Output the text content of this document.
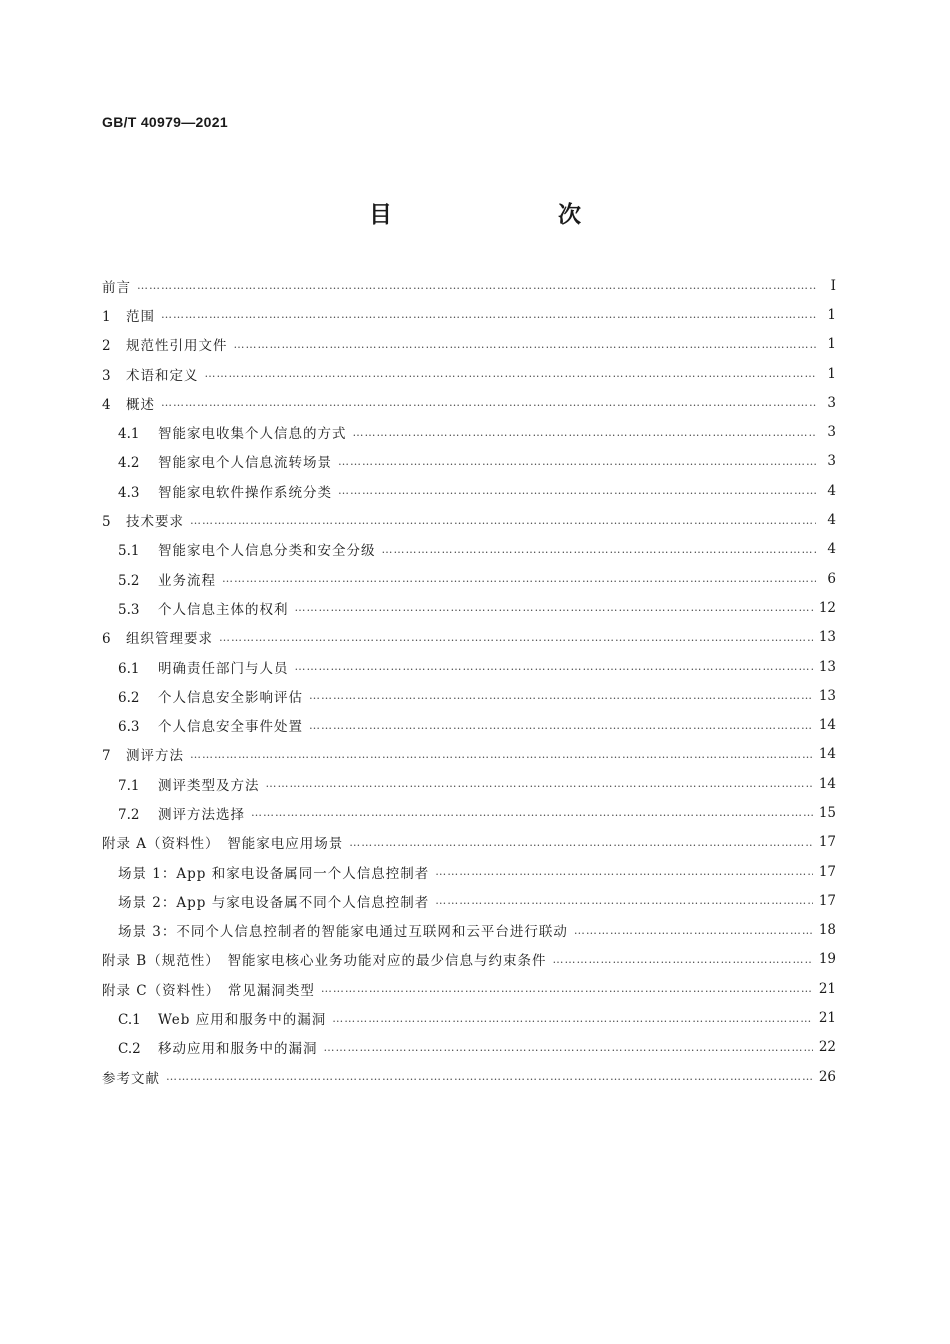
GB/T 40979—2021
目　　次
前言 ……………………………………………………………………………………………………………………………………………………………………………………………………………………………………………………………………………………………	Ⅰ
1 范围 ……………………………………………………………………………………………………………………………………………………………………………………………………………………………………………………………………………………………	1
2 规范性引用文件 ……………………………………………………………………………………………………………………………………………………………………………………………………………………………………………………………………………………………	1
3 术语和定义 ……………………………………………………………………………………………………………………………………………………………………………………………………………………………………………………………………………………………	1
4 概述 ……………………………………………………………………………………………………………………………………………………………………………………………………………………………………………………………………………………………	3
4.1 智能家电收集个人信息的方式 ……………………………………………………………………………………………………………………………………………………………………………………………………………………………………………………………………………………………	3
4.2 智能家电个人信息流转场景 ……………………………………………………………………………………………………………………………………………………………………………………………………………………………………………………………………………………………	3
4.3 智能家电软件操作系统分类 ……………………………………………………………………………………………………………………………………………………………………………………………………………………………………………………………………………………………	4
5 技术要求 ……………………………………………………………………………………………………………………………………………………………………………………………………………………………………………………………………………………………	4
5.1 智能家电个人信息分类和安全分级 ……………………………………………………………………………………………………………………………………………………………………………………………………………………………………………………………………………………………	4
5.2 业务流程 ……………………………………………………………………………………………………………………………………………………………………………………………………………………………………………………………………………………………	6
5.3 个人信息主体的权利 ……………………………………………………………………………………………………………………………………………………………………………………………………………………………………………………………………………………………	12
6 组织管理要求 ……………………………………………………………………………………………………………………………………………………………………………………………………………………………………………………………………………………………	13
6.1 明确责任部门与人员 ……………………………………………………………………………………………………………………………………………………………………………………………………………………………………………………………………………………………	13
6.2 个人信息安全影响评估 ……………………………………………………………………………………………………………………………………………………………………………………………………………………………………………………………………………………………	13
6.3 个人信息安全事件处置 ……………………………………………………………………………………………………………………………………………………………………………………………………………………………………………………………………………………………	14
7 测评方法 ……………………………………………………………………………………………………………………………………………………………………………………………………………………………………………………………………………………………	14
7.1 测评类型及方法 ……………………………………………………………………………………………………………………………………………………………………………………………………………………………………………………………………………………………	14
7.2 测评方法选择 ……………………………………………………………………………………………………………………………………………………………………………………………………………………………………………………………………………………………	15
附录 A（资料性）　智能家电应用场景 ……………………………………………………………………………………………………………………………………………………………………………………………………………………………………………………………………………………………	17
场景 1：App 和家电设备属同一个人信息控制者 ……………………………………………………………………………………………………………………………………………………………………………………………………………………………………………………………………………………………	17
场景 2：App 与家电设备属不同个人信息控制者 ……………………………………………………………………………………………………………………………………………………………………………………………………………………………………………………………………………………………	17
场景 3：不同个人信息控制者的智能家电通过互联网和云平台进行联动 ……………………………………………………………………………………………………………………………………………………………………………………………………………………………………………………………………………………………	18
附录 B（规范性）　智能家电核心业务功能对应的最少信息与约束条件 ……………………………………………………………………………………………………………………………………………………………………………………………………………………………………………………………………………………………	19
附录 C（资料性）　常见漏洞类型 ……………………………………………………………………………………………………………………………………………………………………………………………………………………………………………………………………………………………	21
C.1 Web 应用和服务中的漏洞 ……………………………………………………………………………………………………………………………………………………………………………………………………………………………………………………………………………………………	21
C.2 移动应用和服务中的漏洞 ……………………………………………………………………………………………………………………………………………………………………………………………………………………………………………………………………………………………	22
参考文献 ……………………………………………………………………………………………………………………………………………………………………………………………………………………………………………………………………………………………	26
